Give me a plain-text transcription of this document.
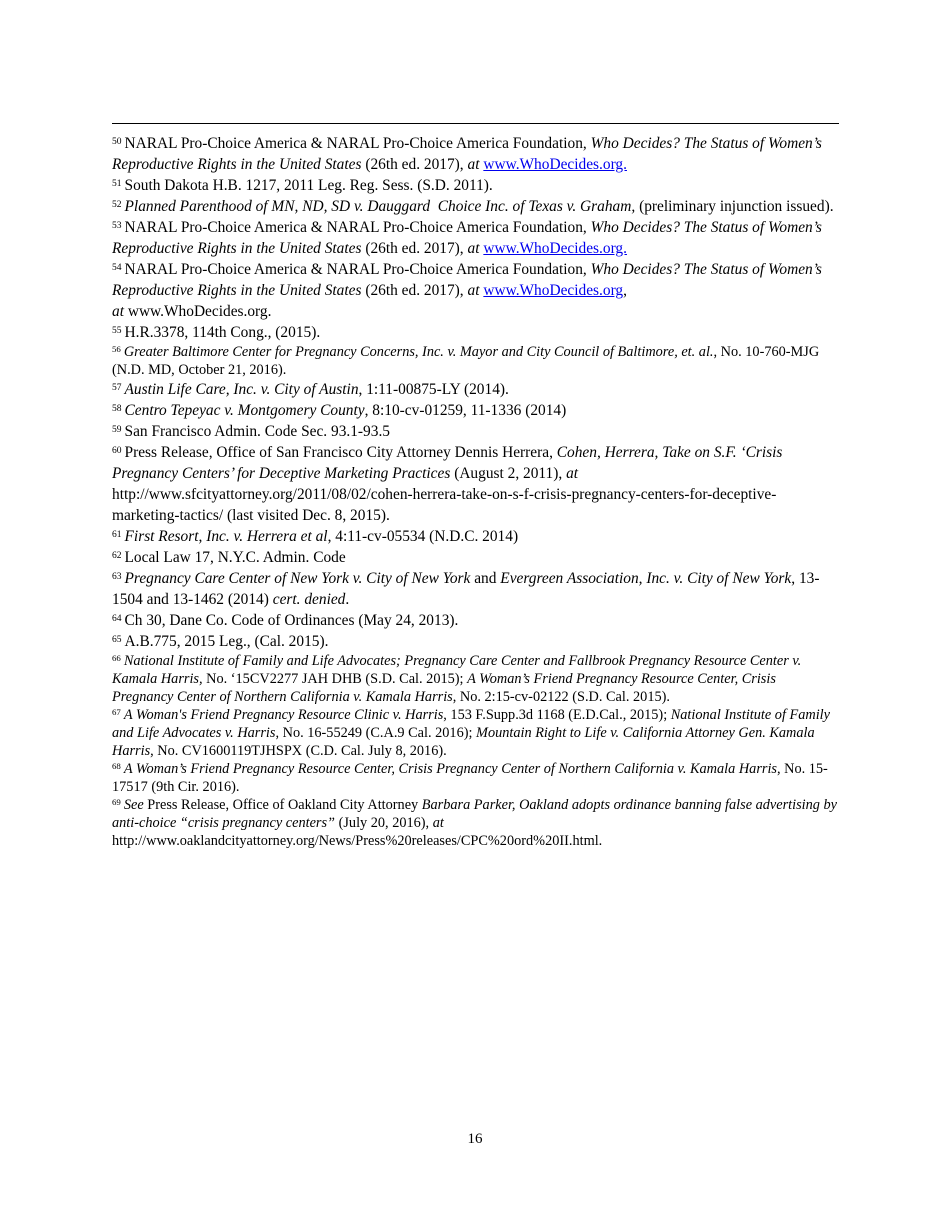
$^{50}$ NARAL Pro-Choice America & NARAL Pro-Choice America Foundation, Who Decides? The Status of Women’s Reproductive Rights in the United States (26th ed. 2017), at www.WhoDecides.org.

$^{51}$ South Dakota H.B. 1217, 2011 Leg. Reg. Sess. (S.D. 2011).

$^{52}$ Planned Parenthood of MN, ND, SD v. Dauggard  Choice Inc. of Texas v. Graham, (preliminary injunction issued).

$^{53}$ NARAL Pro-Choice America & NARAL Pro-Choice America Foundation, Who Decides? The Status of Women’s Reproductive Rights in the United States (26th ed. 2017), at www.WhoDecides.org.

$^{54}$ NARAL Pro-Choice America & NARAL Pro-Choice America Foundation, Who Decides? The Status of Women’s Reproductive Rights in the United States (26th ed. 2017), at www.WhoDecides.org,
at www.WhoDecides.org.

$^{55}$ H.R.3378, 114th Cong., (2015).

$^{56}$ Greater Baltimore Center for Pregnancy Concerns, Inc. v. Mayor and City Council of Baltimore, et. al., No. 10-760-MJG (N.D. MD, October 21, 2016).

$^{57}$ Austin Life Care, Inc. v. City of Austin, 1:11-00875-LY (2014).

$^{58}$ Centro Tepeyac v. Montgomery County, 8:10-cv-01259, 11-1336 (2014)

$^{59}$ San Francisco Admin. Code Sec. 93.1-93.5

$^{60}$ Press Release, Office of San Francisco City Attorney Dennis Herrera, Cohen, Herrera, Take on S.F. ‘Crisis Pregnancy Centers’ for Deceptive Marketing Practices (August 2, 2011), at
http://www.sfcityattorney.org/2011/08/02/cohen-herrera-take-on-s-f-crisis-pregnancy-centers-for-deceptive-marketing-tactics/ (last visited Dec. 8, 2015).

$^{61}$ First Resort, Inc. v. Herrera et al, 4:11-cv-05534 (N.D.C. 2014)

$^{62}$ Local Law 17, N.Y.C. Admin. Code

$^{63}$ Pregnancy Care Center of New York v. City of New York and Evergreen Association, Inc. v. City of New York, 13-1504 and 13-1462 (2014) cert. denied.

$^{64}$ Ch 30, Dane Co. Code of Ordinances (May 24, 2013).

$^{65}$ A.B.775, 2015 Leg., (Cal. 2015).

$^{66}$ National Institute of Family and Life Advocates; Pregnancy Care Center and Fallbrook Pregnancy Resource Center v. Kamala Harris, No. ‘15CV2277 JAH DHB (S.D. Cal. 2015); A Woman’s Friend Pregnancy Resource Center, Crisis Pregnancy Center of Northern California v. Kamala Harris, No. 2:15-cv-02122 (S.D. Cal. 2015).

$^{67}$ A Woman's Friend Pregnancy Resource Clinic v. Harris, 153 F.Supp.3d 1168 (E.D.Cal., 2015); National Institute of Family and Life Advocates v. Harris, No. 16-55249 (C.A.9 Cal. 2016); Mountain Right to Life v. California Attorney Gen. Kamala Harris, No. CV1600119TJHSPX (C.D. Cal. July 8, 2016).

$^{68}$ A Woman’s Friend Pregnancy Resource Center, Crisis Pregnancy Center of Northern California v. Kamala Harris, No. 15-17517 (9th Cir. 2016).

$^{69}$ See Press Release, Office of Oakland City Attorney Barbara Parker, Oakland adopts ordinance banning false advertising by anti-choice “crisis pregnancy centers” (July 20, 2016), at
http://www.oaklandcityattorney.org/News/Press%20releases/CPC%20ord%20II.html.

16
